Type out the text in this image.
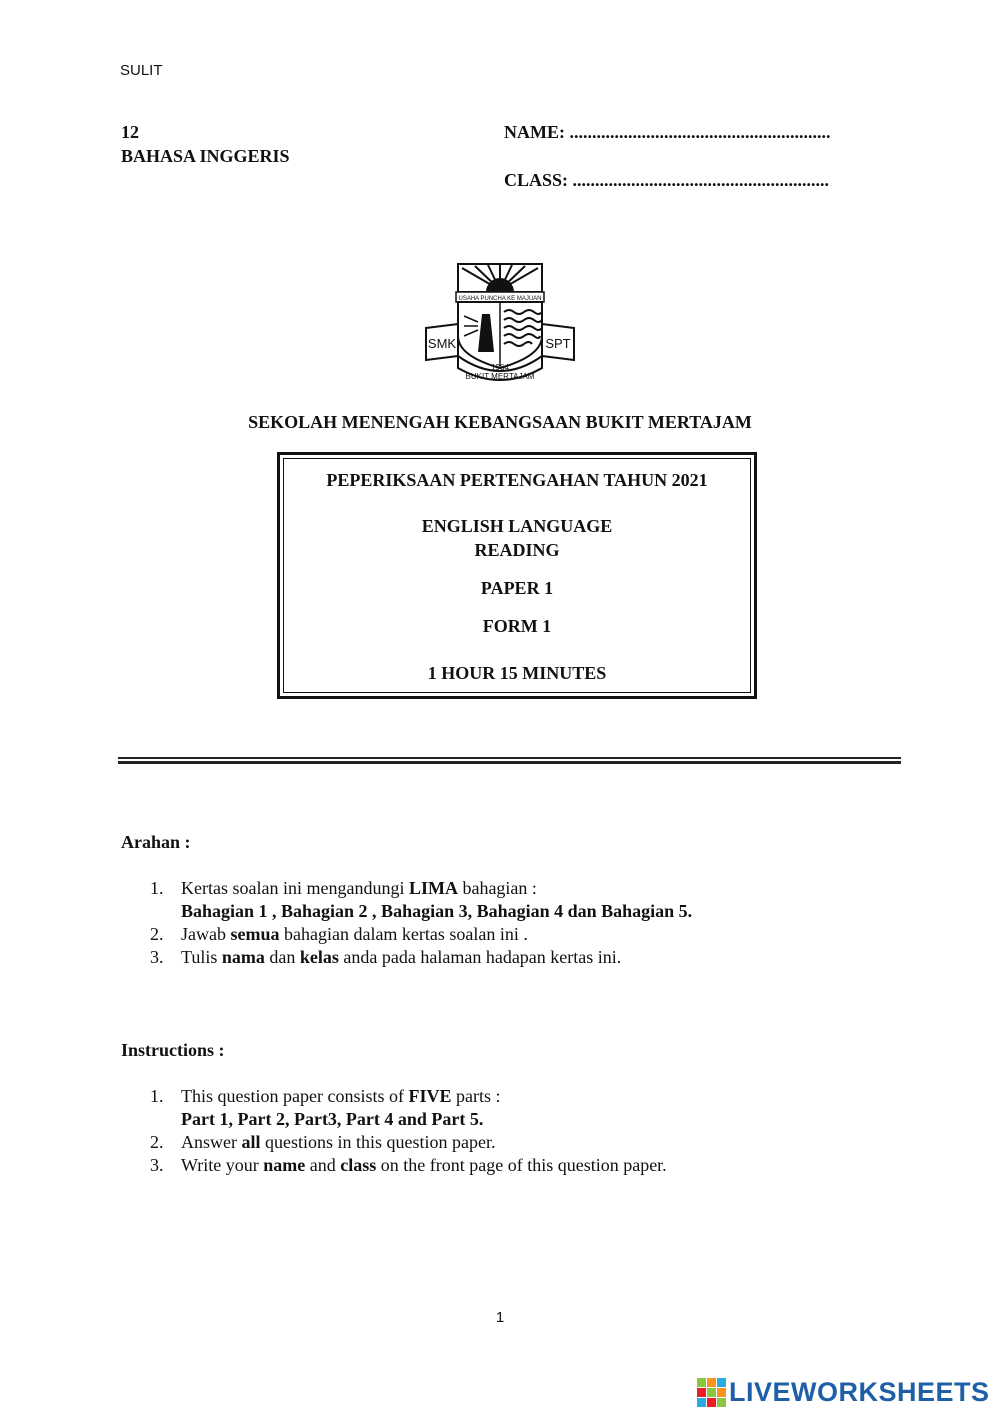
SULIT
12
BAHASA INGGERIS
NAME: ..........................................................
CLASS: .........................................................
USAHA PUNCHA KE MAJUAN
SMK	SPT
1964
BUKIT MERTAJAM
SEKOLAH MENENGAH KEBANGSAAN BUKIT MERTAJAM
PEPERIKSAAN PERTENGAHAN TAHUN 2021
ENGLISH LANGUAGE
READING
PAPER 1
FORM 1
1 HOUR 15 MINUTES
Arahan :
1. Kertas soalan ini mengandungi LIMA bahagian :
Bahagian 1 , Bahagian 2 , Bahagian 3, Bahagian 4 dan Bahagian 5.
2. Jawab semua bahagian dalam kertas soalan ini .
3. Tulis nama dan kelas anda pada halaman hadapan kertas ini.
Instructions :
1. This question paper consists of FIVE parts :
Part 1, Part 2, Part3, Part 4 and Part 5.
2. Answer all questions in this question paper.
3. Write your name and class on the front page of this question paper.
1
LIVEWORKSHEETS
